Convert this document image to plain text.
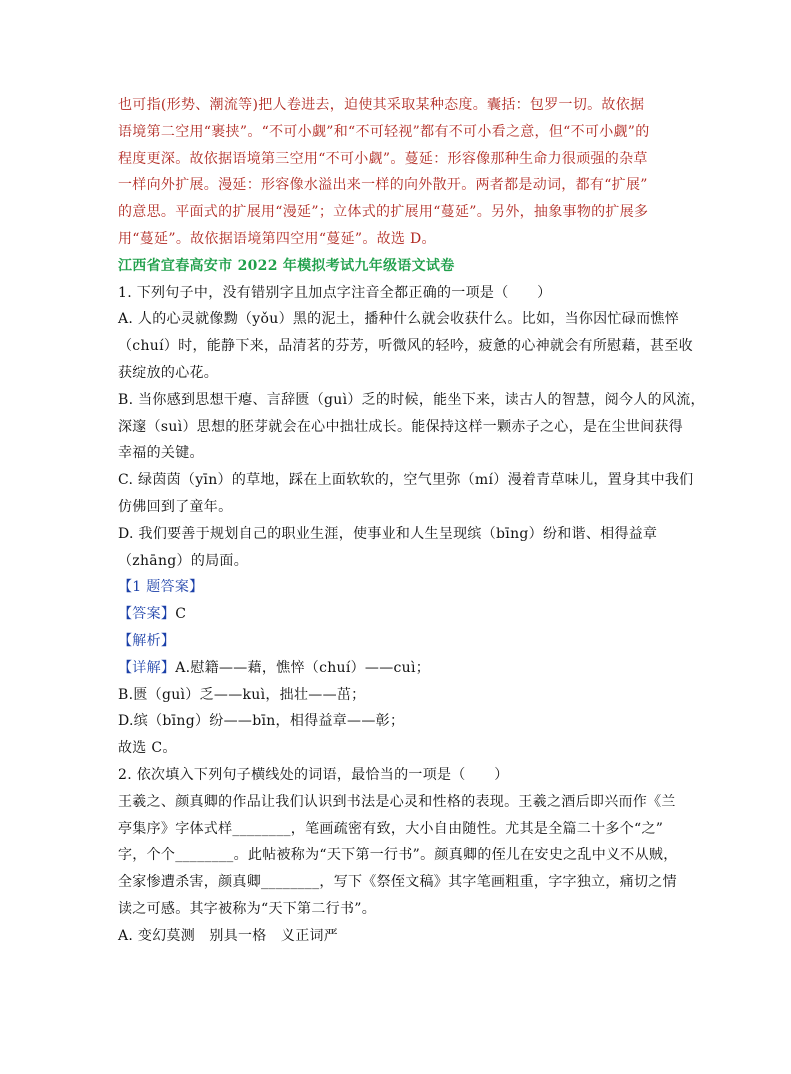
也可指(形势、潮流等)把人卷进去，迫使其采取某种态度。囊括：包罗一切。故依据
语境第二空用“裹挟”。“不可小觑”和“不可轻视”都有不可小看之意，但“不可小觑”的
程度更深。故依据语境第三空用“不可小觑”。蔓延：形容像那种生命力很顽强的杂草
一样向外扩展。漫延：形容像水溢出来一样的向外散开。两者都是动词，都有“扩展”
的意思。平面式的扩展用“漫延”；立体式的扩展用“蔓延”。另外，抽象事物的扩展多
用“蔓延”。故依据语境第四空用“蔓延”。故选 D。
江西省宜春高安市 2022 年模拟考试九年级语文试卷
1. 下列句子中，没有错别字且加点字注音全都正确的一项是（　　）
A. 人的心灵就像黝（yǒu）黑的泥土，播种什么就会收获什么。比如，当你因忙碌而憔悴
（chuí）时，能静下来，品清茗的芬芳，听微风的轻吟，疲惫的心神就会有所慰藉，甚至收
获绽放的心花。
B. 当你感到思想干瘪、言辞匮（guì）乏的时候，能坐下来，读古人的智慧，阅今人的风流，
深邃（suì）思想的胚芽就会在心中拙壮成长。能保持这样一颗赤子之心，是在尘世间获得
幸福的关键。
C. 绿茵茵（yīn）的草地，踩在上面软软的，空气里弥（mí）漫着青草味儿，置身其中我们
仿佛回到了童年。
D. 我们要善于规划自己的职业生涯，使事业和人生呈现缤（bīng）纷和谐、相得益章
（zhāng）的局面。
【1 题答案】
【答案】C
【解析】
【详解】A.慰籍——藉，憔悴（chuí）——cuì；
B.匮（guì）乏——kuì，拙壮——茁；
D.缤（bīng）纷——bīn，相得益章——彰；
故选 C。
2. 依次填入下列句子横线处的词语，最恰当的一项是（　　）
王羲之、颜真卿的作品让我们认识到书法是心灵和性格的表现。王羲之酒后即兴而作《兰
亭集序》字体式样________，笔画疏密有致，大小自由随性。尤其是全篇二十多个“之”
字，个个________。此帖被称为“天下第一行书”。颜真卿的侄儿在安史之乱中义不从贼，
全家惨遭杀害，颜真卿________，写下《祭侄文稿》其字笔画粗重，字字独立，痛切之情
读之可感。其字被称为“天下第二行书”。
A. 变幻莫测　别具一格　义正词严
